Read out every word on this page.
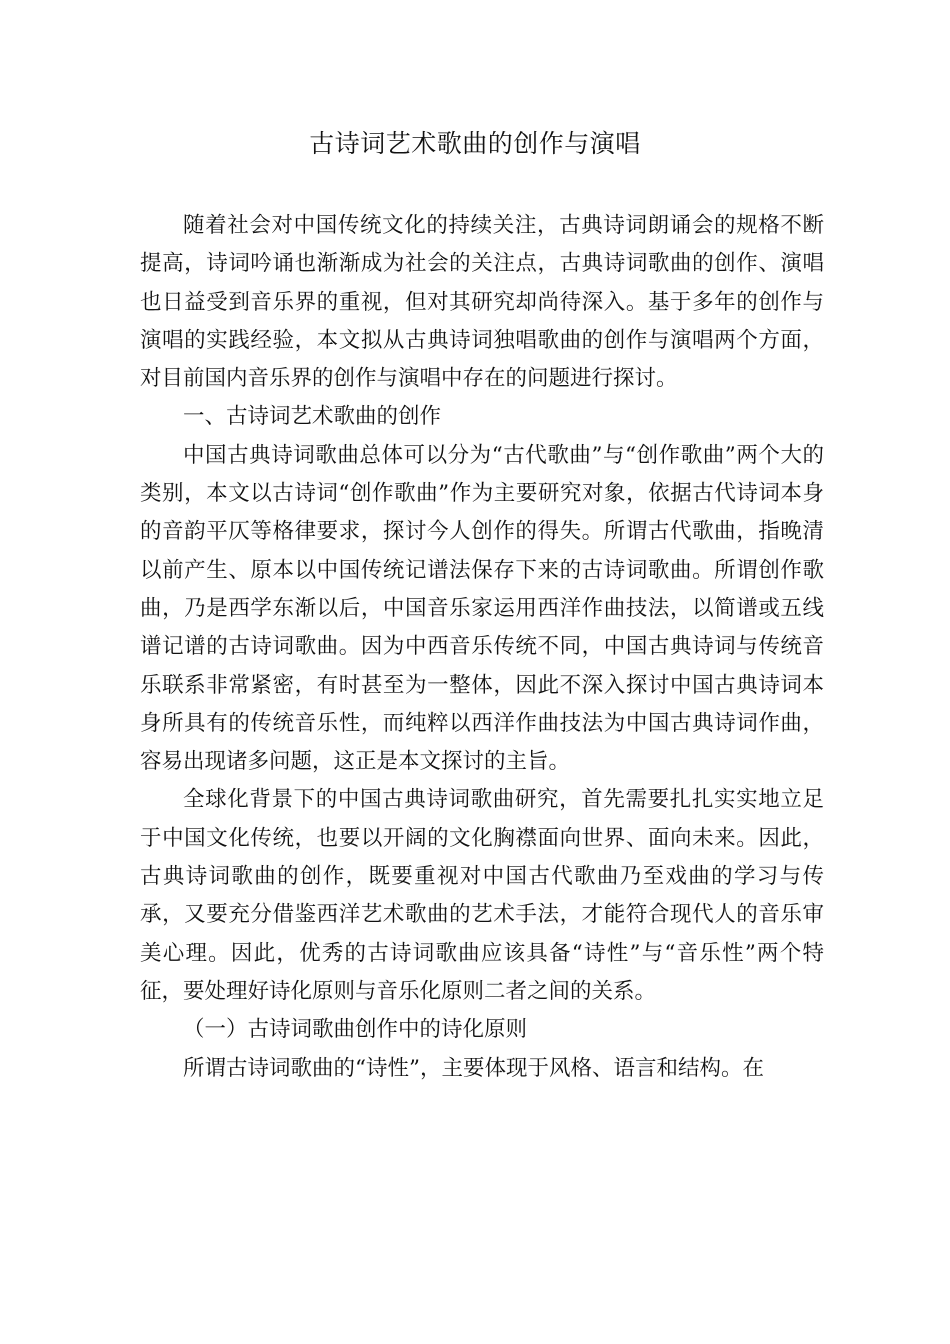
古诗词艺术歌曲的创作与演唱

随着社会对中国传统文化的持续关注，古典诗词朗诵会的规格不断提高，诗词吟诵也渐渐成为社会的关注点，古典诗词歌曲的创作、演唱也日益受到音乐界的重视，但对其研究却尚待深入。基于多年的创作与演唱的实践经验，本文拟从古典诗词独唱歌曲的创作与演唱两个方面，对目前国内音乐界的创作与演唱中存在的问题进行探讨。

一、古诗词艺术歌曲的创作

中国古典诗词歌曲总体可以分为“古代歌曲”与“创作歌曲”两个大的类别，本文以古诗词“创作歌曲”作为主要研究对象，依据古代诗词本身的音韵平仄等格律要求，探讨今人创作的得失。所谓古代歌曲，指晚清以前产生、原本以中国传统记谱法保存下来的古诗词歌曲。所谓创作歌曲，乃是西学东渐以后，中国音乐家运用西洋作曲技法，以简谱或五线谱记谱的古诗词歌曲。因为中西音乐传统不同，中国古典诗词与传统音乐联系非常紧密，有时甚至为一整体，因此不深入探讨中国古典诗词本身所具有的传统音乐性，而纯粹以西洋作曲技法为中国古典诗词作曲，容易出现诸多问题，这正是本文探讨的主旨。

全球化背景下的中国古典诗词歌曲研究，首先需要扎扎实实地立足于中国文化传统，也要以开阔的文化胸襟面向世界、面向未来。因此，古典诗词歌曲的创作，既要重视对中国古代歌曲乃至戏曲的学习与传承，又要充分借鉴西洋艺术歌曲的艺术手法，才能符合现代人的音乐审美心理。因此，优秀的古诗词歌曲应该具备“诗性”与“音乐性”两个特征，要处理好诗化原则与音乐化原则二者之间的关系。

（一）古诗词歌曲创作中的诗化原则

所谓古诗词歌曲的“诗性”，主要体现于风格、语言和结构。在
